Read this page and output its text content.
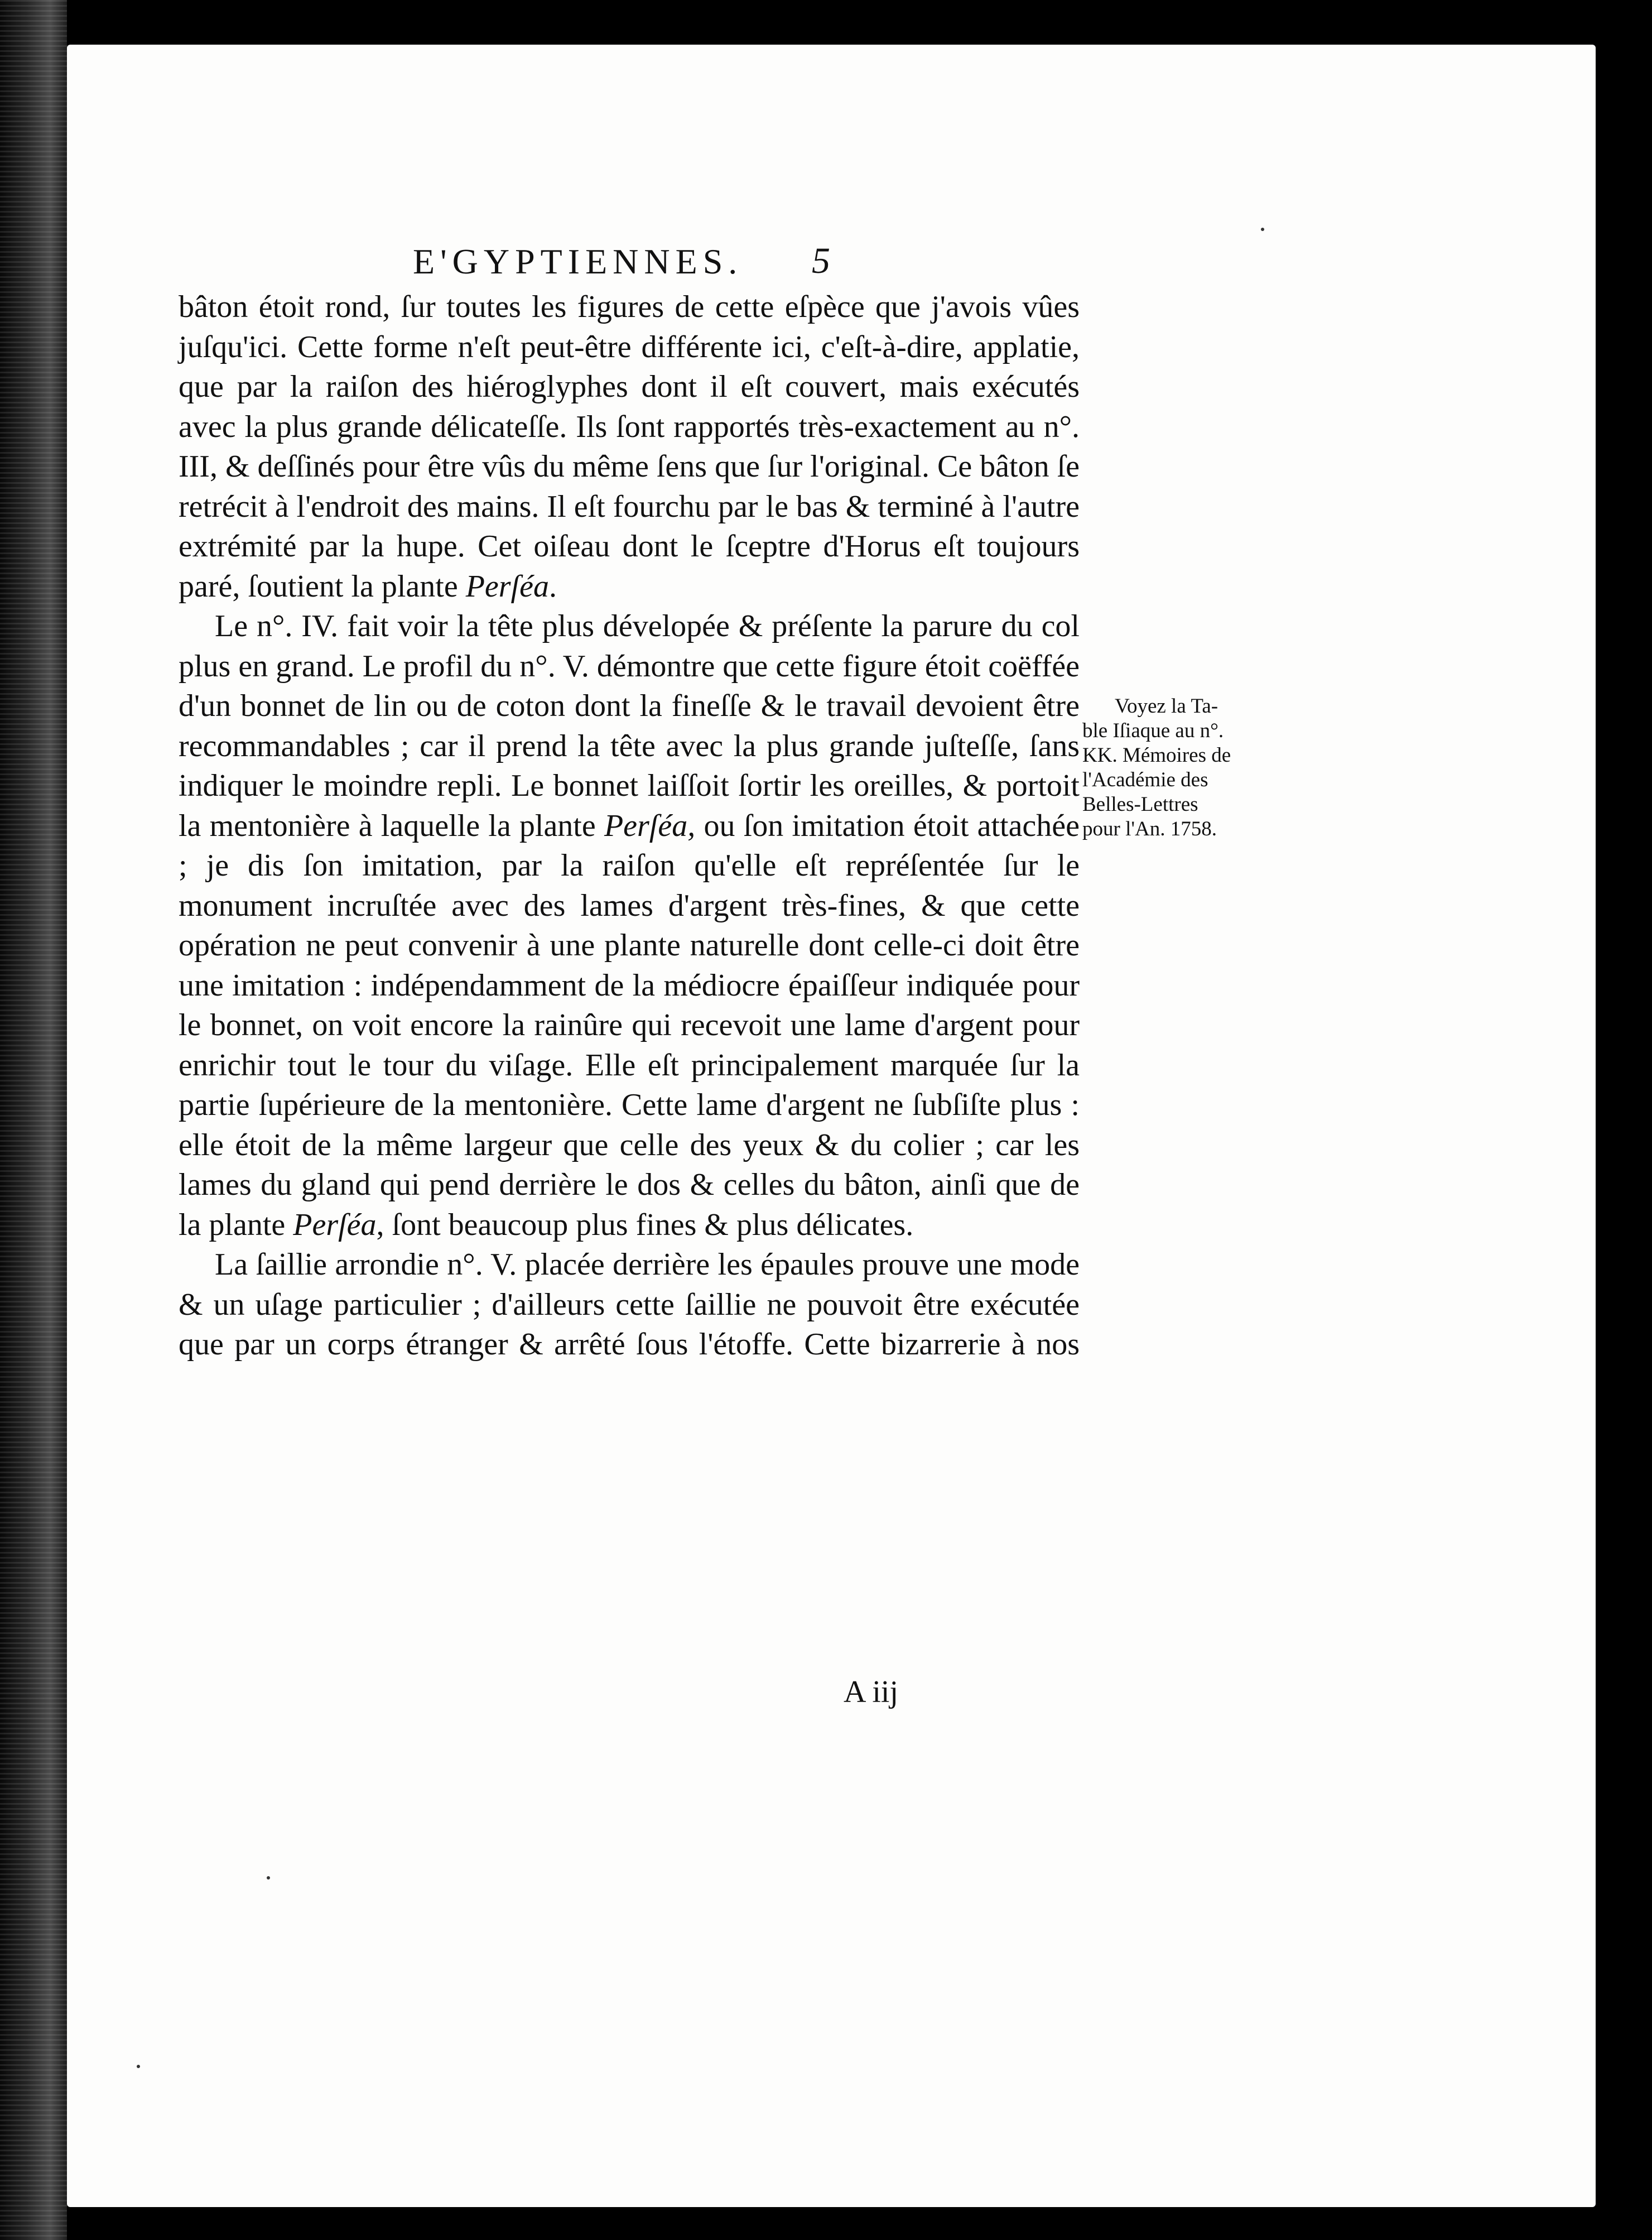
E'GYPTIENNES. 5

bâton étoit rond, ſur toutes les figures de cette eſpèce que j'avois vûes juſqu'ici. Cette forme n'eſt peut-être différente ici, c'eſt-à-dire, applatie, que par la raiſon des hiéroglyphes dont il eſt couvert, mais exécutés avec la plus grande délicateſſe. Ils ſont rapportés très-exactement au n°. III, & deſſinés pour être vûs du même ſens que ſur l'original. Ce bâton ſe retrécit à l'endroit des mains. Il eſt fourchu par le bas & terminé à l'autre extrémité par la hupe. Cet oiſeau dont le ſceptre d'Horus eſt toujours paré, ſoutient la plante Perſéa.

Le n°. IV. fait voir la tête plus dévelopée & préſente la parure du col plus en grand. Le profil du n°. V. démontre que cette figure étoit coëffée d'un bonnet de lin ou de coton dont la fineſſe & le travail devoient être recommandables ; car il prend la tête avec la plus grande juſteſſe, ſans indiquer le moindre repli. Le bonnet laiſſoit ſortir les oreilles, & portoit la mentonière à laquelle la plante Perſéa, ou ſon imitation étoit attachée ; je dis ſon imitation, par la raiſon qu'elle eſt repréſentée ſur le monument incruſtée avec des lames d'argent très-fines, & que cette opération ne peut convenir à une plante naturelle dont celle-ci doit être une imitation : indépendamment de la médiocre épaiſſeur indiquée pour le bonnet, on voit encore la rainûre qui recevoit une lame d'argent pour enrichir tout le tour du viſage. Elle eſt principalement marquée ſur la partie ſupérieure de la mentonière. Cette lame d'argent ne ſubſiſte plus : elle étoit de la même largeur que celle des yeux & du colier ; car les lames du gland qui pend derrière le dos & celles du bâton, ainſi que de la plante Perſéa, ſont beaucoup plus fines & plus délicates.

La ſaillie arrondie n°. V. placée derrière les épaules prouve une mode & un uſage particulier ; d'ailleurs cette ſaillie ne pouvoit être exécutée que par un corps étranger & arrêté ſous l'étoffe. Cette bizarrerie à nos

A iij
Voyez la Ta-
ble Iſiaque au n°.
KK. Mémoires de
l'Académie des
Belles-Lettres
pour l'An. 1758.
